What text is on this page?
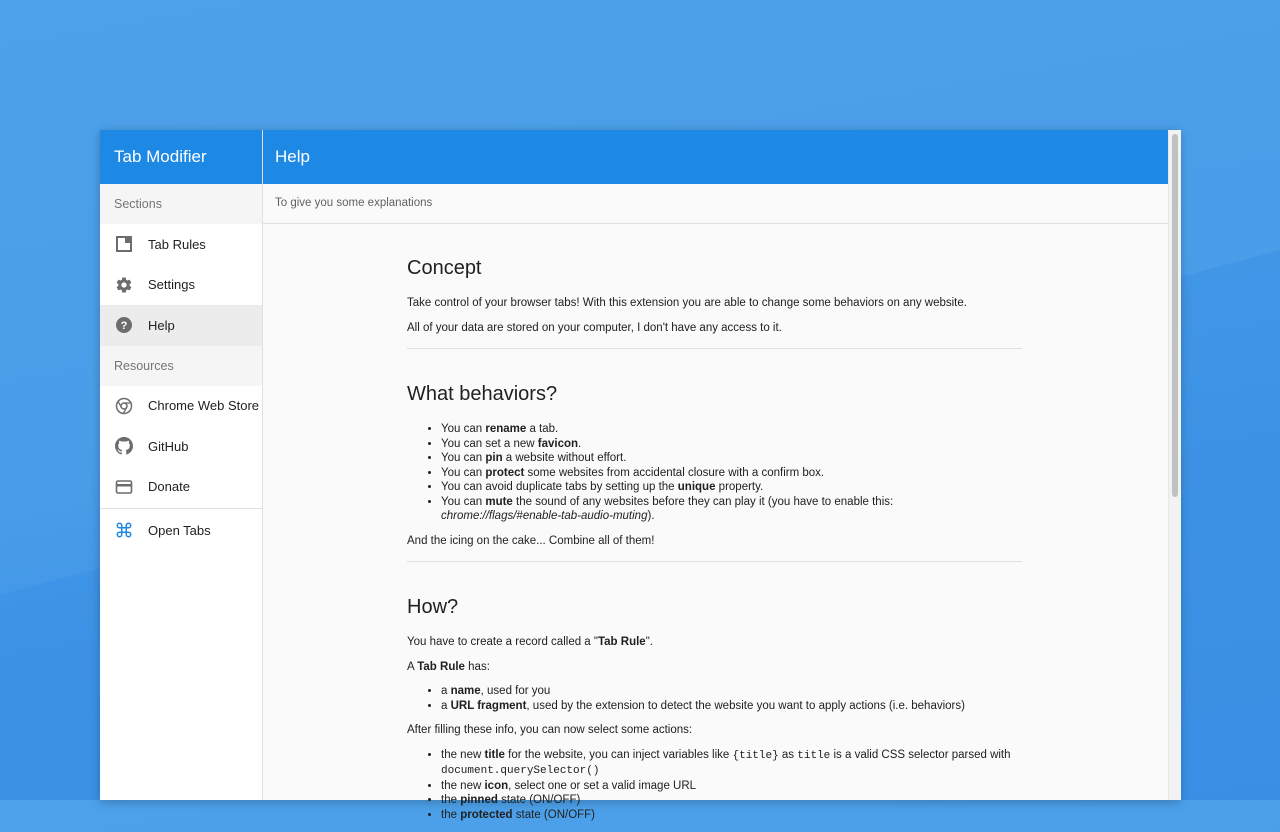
Tab Modifier
Sections
Tab Rules
Settings
? Help
Resources
Chrome Web Store
GitHub
Donate
Open Tabs
Help
To give you some explanations
Concept

Take control of your browser tabs! With this extension you are able to change some behaviors on any website.

All of your data are stored on your computer, I don't have any access to it.

What behaviors?
• You can rename a tab.
• You can set a new favicon.
• You can pin a website without effort.
• You can protect some websites from accidental closure with a confirm box.
• You can avoid duplicate tabs by setting up the unique property.
• You can mute the sound of any websites before they can play it (you have to enable this:
chrome://flags/#enable-tab-audio-muting).

And the icing on the cake... Combine all of them!

How?

You have to create a record called a "Tab Rule".

A Tab Rule has:

• a name, used for you
• a URL fragment, used by the extension to detect the website you want to apply actions (i.e. behaviors)

After filling these info, you can now select some actions:

• the new title for the website, you can inject variables like {title} as title is a valid CSS selector parsed with document.querySelector()
• the new icon, select one or set a valid image URL
• the pinned state (ON/OFF)
• the protected state (ON/OFF)
